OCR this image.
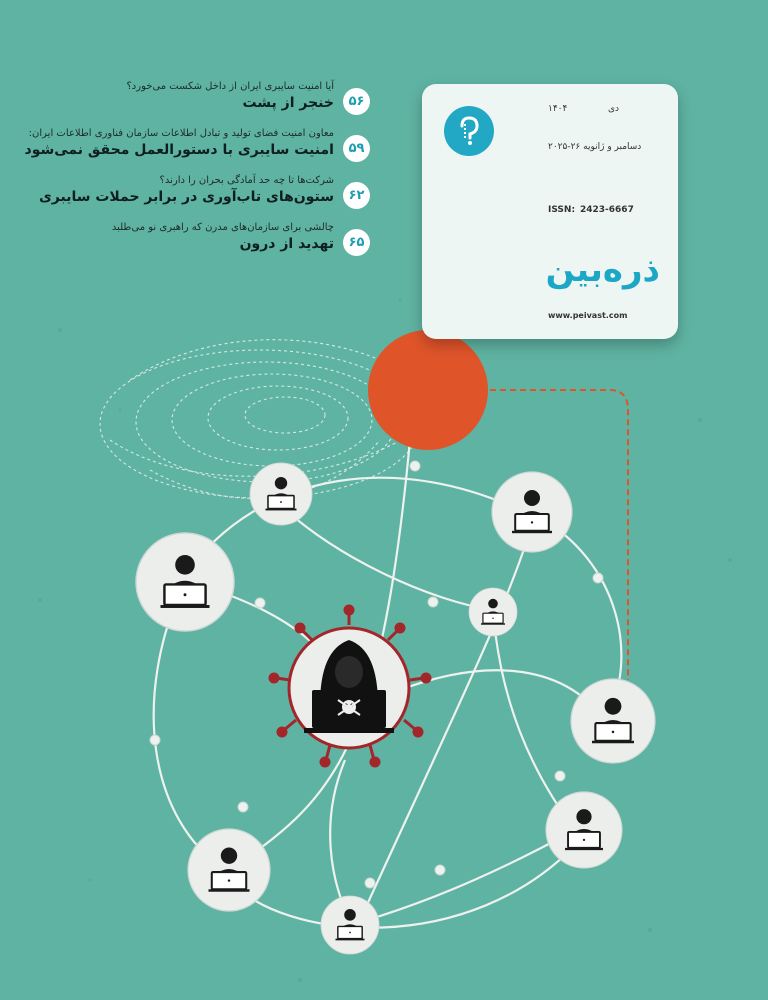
۵۶
آیا امنیت سایبری ایران از داخل شکست می‌خورد؟
خنجر از پشت
۵۹
معاون امنیت فضای تولید و تبادل اطلاعات سازمان فناوری اطلاعات ایران:
امنیت سایبری با دستورالعمل محقق نمی‌شود
۶۲
شرکت‌ها تا چه حد آمادگی بحران را دارند؟
ستون‌های تاب‌آوری در برابر حملات سایبری
۶۵
چالشی برای سازمان‌های مدرن که راهبری نو می‌طلبد
تهدید از درون
دی
۱۴۰۴
دسامبر و ژانویه ۲۶-۲۰۲۵
ISSN: 2423-6667
ذره‌بین
www.peivast.com
